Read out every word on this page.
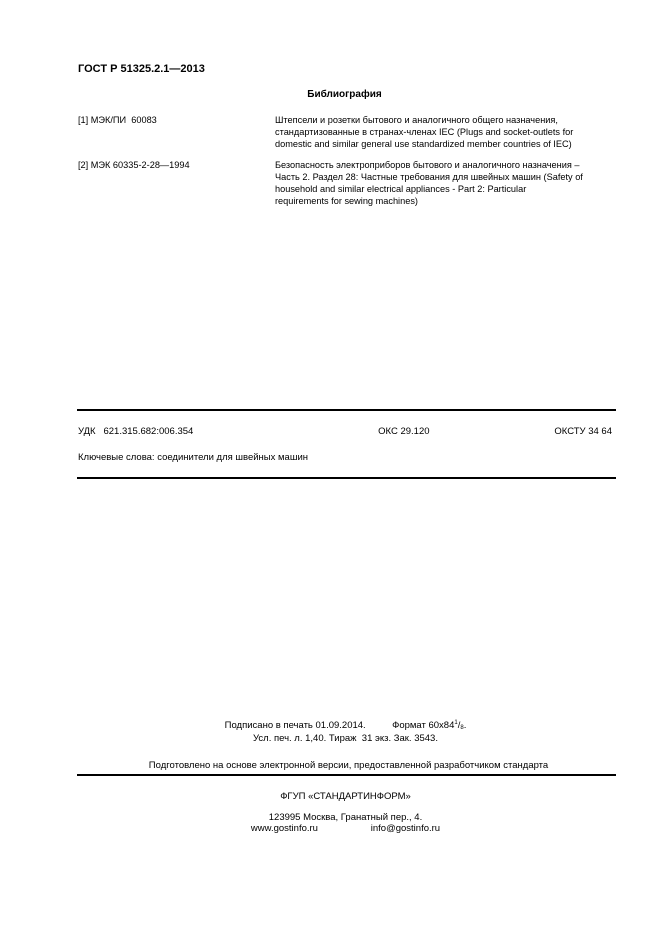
ГОСТ Р 51325.2.1—2013
Библиография
[1] МЭК/ПИ  60083	Штепсели и розетки бытового и аналогичного общего назначения,
стандартизованные в странах-членах IEC (Plugs and socket-outlets for
domestic and similar general use standardized member countries of IEC)
[2] МЭК 60335-2-28—1994	Безопасность электроприборов бытового и аналогичного назначения –
Часть 2. Раздел 28: Частные требования для швейных машин (Safety of
household and similar electrical appliances - Part 2: Particular
requirements for sewing machines)
УДК   621.315.682:006.354	ОКС 29.120	ОКСТУ 34 64
Ключевые слова: соединители для швейных машин
Подписано в печать 01.09.2014.	Формат $60x84^1/_8$.
Усл. печ. л. 1,40. Тираж  31 экз. Зак. 3543.
Подготовлено на основе электронной версии, предоставленной разработчиком стандарта
ФГУП «СТАНДАРТИНФОРМ»
123995 Москва, Гранатный пер., 4.
www.gostinfo.ru	info@gostinfo.ru
